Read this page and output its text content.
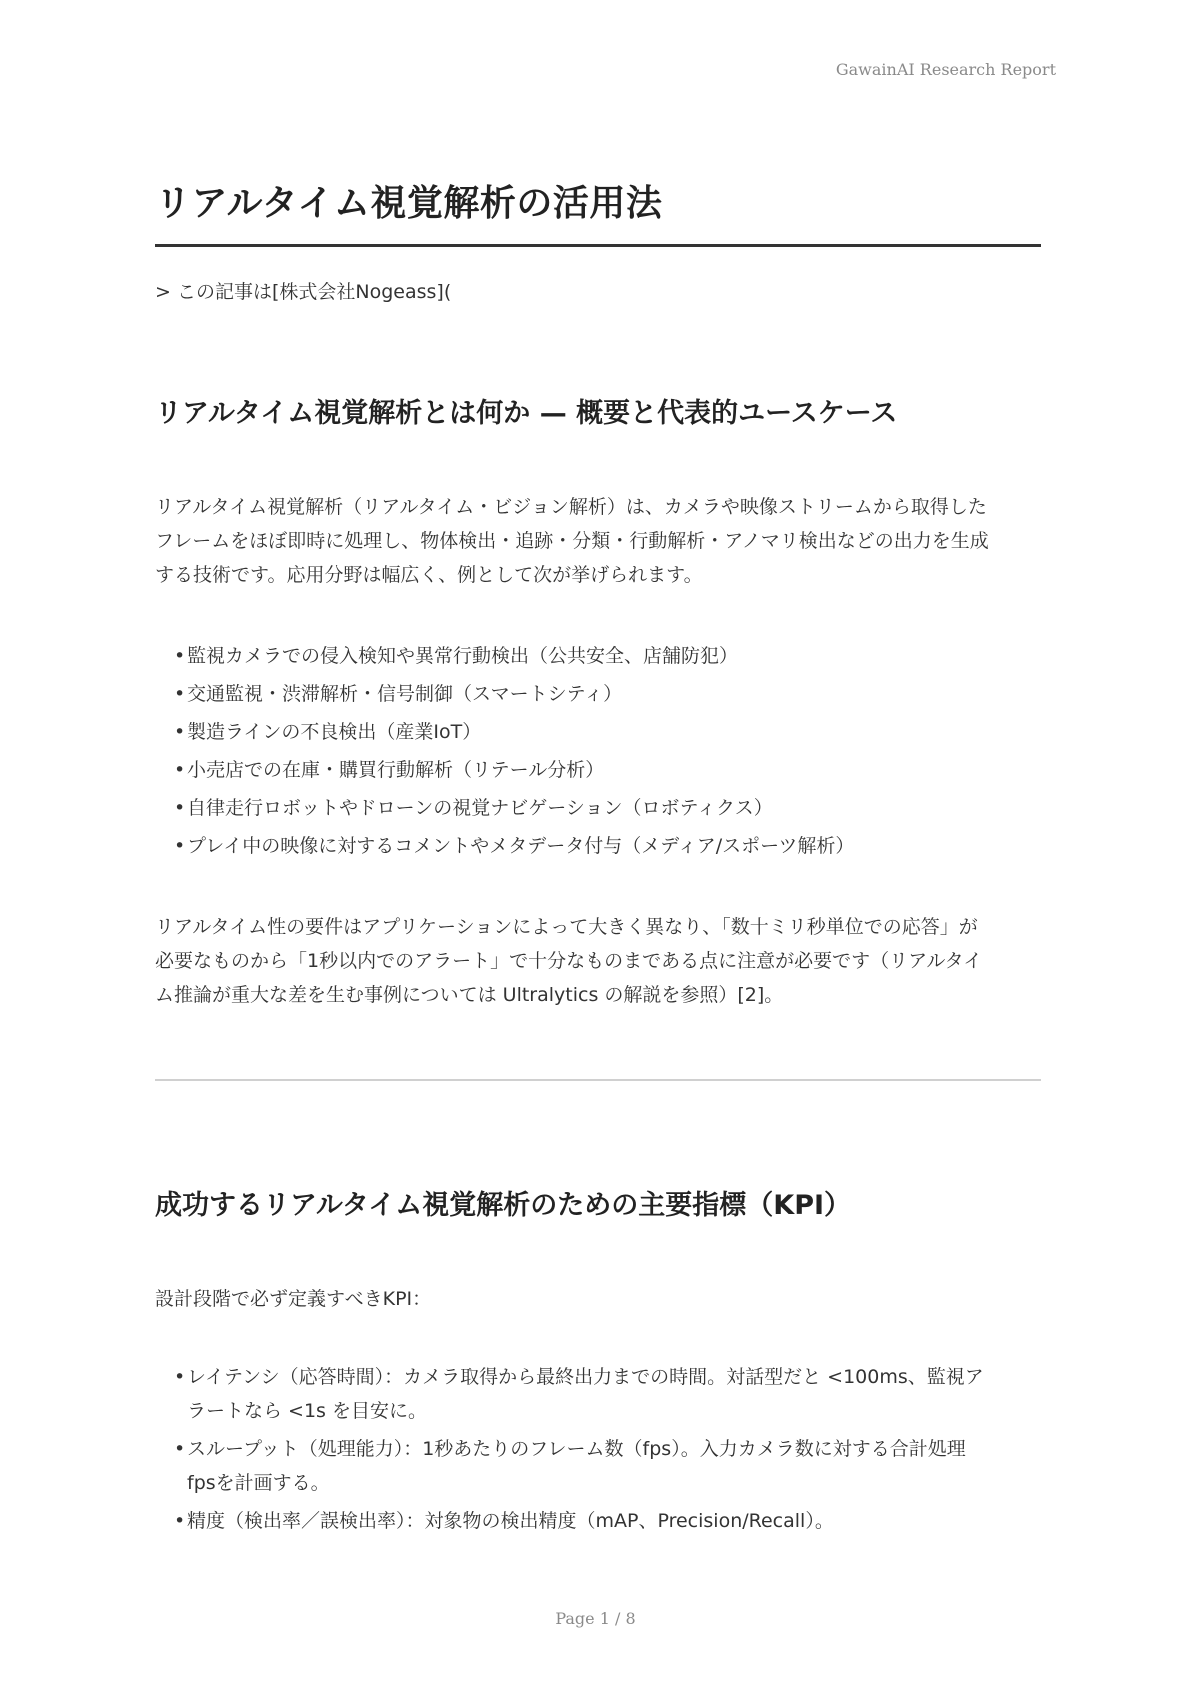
GawainAI Research Report
リアルタイム視覚解析の活用法
> この記事は[株式会社Nogeass](
リアルタイム視覚解析とは何か — 概要と代表的ユースケース

リアルタイム視覚解析（リアルタイム・ビジョン解析）は、カメラや映像ストリームから取得した
フレームをほぼ即時に処理し、物体検出・追跡・分類・行動解析・アノマリ検出などの出力を生成
する技術です。応用分野は幅広く、例として次が挙げられます。

• 監視カメラでの侵入検知や異常行動検出（公共安全、店舗防犯）
• 交通監視・渋滞解析・信号制御（スマートシティ）
• 製造ラインの不良検出（産業IoT）
• 小売店での在庫・購買行動解析（リテール分析）
• 自律走行ロボットやドローンの視覚ナビゲーション（ロボティクス）
• プレイ中の映像に対するコメントやメタデータ付与（メディア/スポーツ解析）

リアルタイム性の要件はアプリケーションによって大きく異なり、「数十ミリ秒単位での応答」が
必要なものから「1秒以内でのアラート」で十分なものまである点に注意が必要です（リアルタイ
ム推論が重大な差を生む事例については Ultralytics の解説を参照）[2]。

成功するリアルタイム視覚解析のための主要指標（KPI）

設計段階で必ず定義すべきKPI：

• レイテンシ（応答時間）：カメラ取得から最終出力までの時間。対話型だと <100ms、監視ア
ラートなら <1s を目安に。
• スループット（処理能力）：1秒あたりのフレーム数（fps）。入力カメラ数に対する合計処理
fpsを計画する。
• 精度（検出率／誤検出率）：対象物の検出精度（mAP、Precision/Recall）。
Page 1 / 8
